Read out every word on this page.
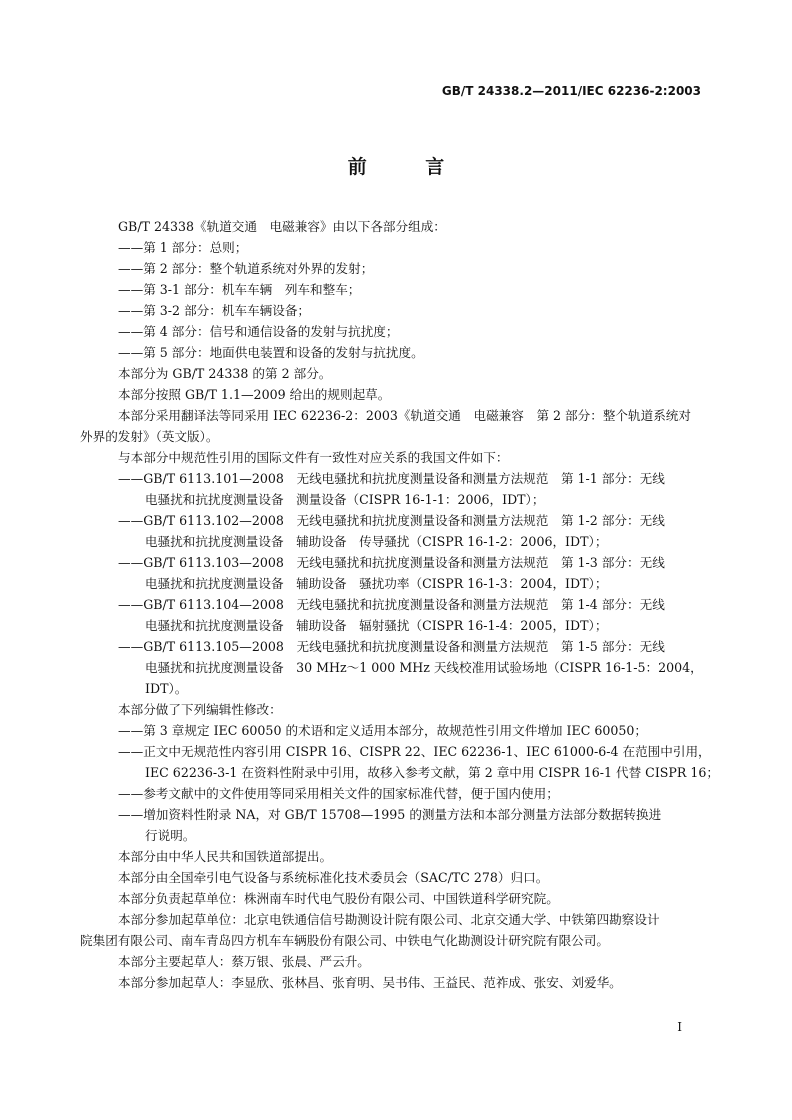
GB/T 24338.2—2011/IEC 62236-2:2003
前 言

GB/T 24338《轨道交通　电磁兼容》由以下各部分组成：

——第 1 部分：总则；

——第 2 部分：整个轨道系统对外界的发射；

——第 3-1 部分：机车车辆　列车和整车；

——第 3-2 部分：机车车辆设备；

——第 4 部分：信号和通信设备的发射与抗扰度；

——第 5 部分：地面供电装置和设备的发射与抗扰度。

本部分为 GB/T 24338 的第 2 部分。

本部分按照 GB/T 1.1—2009 给出的规则起草。

本部分采用翻译法等同采用 IEC 62236-2：2003《轨道交通　电磁兼容　第 2 部分：整个轨道系统对

外界的发射》（英文版）。

与本部分中规范性引用的国际文件有一致性对应关系的我国文件如下：

——GB/T 6113.101—2008　无线电骚扰和抗扰度测量设备和测量方法规范　第 1-1 部分：无线

电骚扰和抗扰度测量设备　测量设备（CISPR 16-1-1：2006，IDT）；

——GB/T 6113.102—2008　无线电骚扰和抗扰度测量设备和测量方法规范　第 1-2 部分：无线

电骚扰和抗扰度测量设备　辅助设备　传导骚扰（CISPR 16-1-2：2006，IDT）；

——GB/T 6113.103—2008　无线电骚扰和抗扰度测量设备和测量方法规范　第 1-3 部分：无线

电骚扰和抗扰度测量设备　辅助设备　骚扰功率（CISPR 16-1-3：2004，IDT）；

——GB/T 6113.104—2008　无线电骚扰和抗扰度测量设备和测量方法规范　第 1-4 部分：无线

电骚扰和抗扰度测量设备　辅助设备　辐射骚扰（CISPR 16-1-4：2005，IDT）；

——GB/T 6113.105—2008　无线电骚扰和抗扰度测量设备和测量方法规范　第 1-5 部分：无线

电骚扰和抗扰度测量设备　30 MHz～1 000 MHz 天线校准用试验场地（CISPR 16-1-5：2004，

IDT）。

本部分做了下列编辑性修改：

——第 3 章规定 IEC 60050 的术语和定义适用本部分，故规范性引用文件增加 IEC 60050；

——正文中无规范性内容引用 CISPR 16、CISPR 22、IEC 62236-1、IEC 61000-6-4 在范围中引用，

IEC 62236-3-1 在资料性附录中引用，故移入参考文献，第 2 章中用 CISPR 16-1 代替 CISPR 16；

——参考文献中的文件使用等同采用相关文件的国家标准代替，便于国内使用；

——增加资料性附录 NA，对 GB/T 15708—1995 的测量方法和本部分测量方法部分数据转换进

行说明。

本部分由中华人民共和国铁道部提出。

本部分由全国牵引电气设备与系统标准化技术委员会（SAC/TC 278）归口。

本部分负责起草单位：株洲南车时代电气股份有限公司、中国铁道科学研究院。

本部分参加起草单位：北京电铁通信信号勘测设计院有限公司、北京交通大学、中铁第四勘察设计

院集团有限公司、南车青岛四方机车车辆股份有限公司、中铁电气化勘测设计研究院有限公司。

本部分主要起草人：蔡万银、张晨、严云升。

本部分参加起草人：李显欣、张林昌、张育明、吴书伟、王益民、范祚成、张安、刘爱华。

I
